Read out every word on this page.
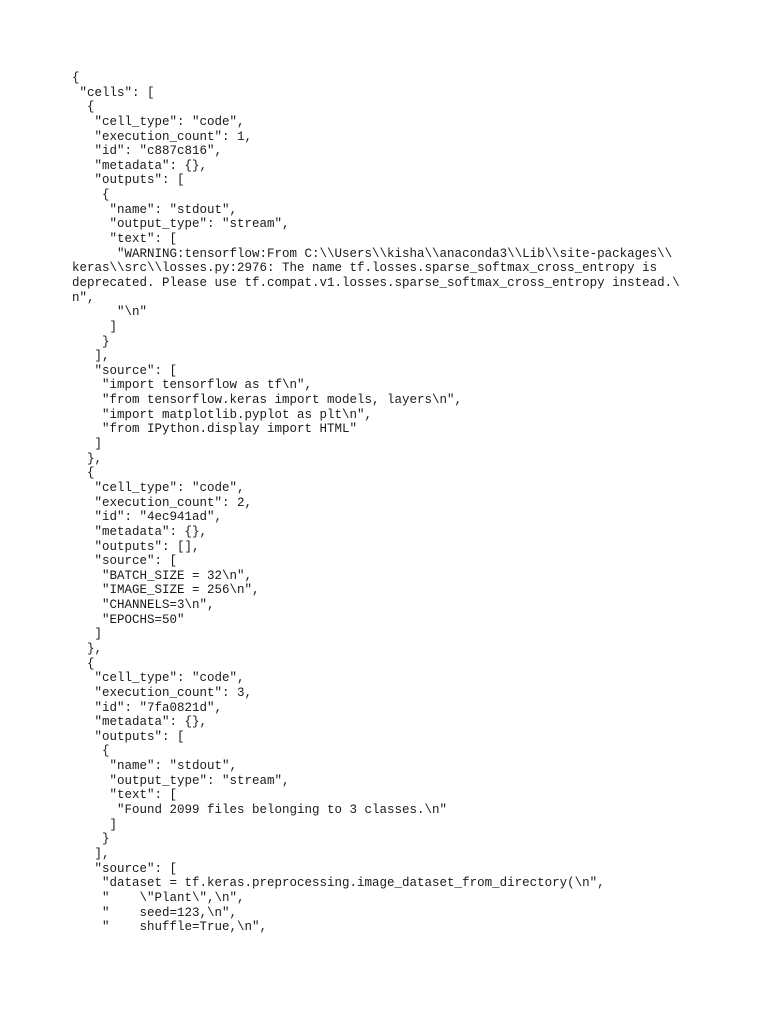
{
"cells": [
{
"cell_type": "code",
"execution_count": 1,
"id": "c887c816",
"metadata": {},
"outputs": [
{
"name": "stdout",
"output_type": "stream",
"text": [
"WARNING:tensorflow:From C:\\Users\\kisha\\anaconda3\\Lib\\site-packages\\
keras\\src\\losses.py:2976: The name tf.losses.sparse_softmax_cross_entropy is
deprecated. Please use tf.compat.v1.losses.sparse_softmax_cross_entropy instead.\
n",
"\n"
]
}
],
"source": [
"import tensorflow as tf\n",
"from tensorflow.keras import models, layers\n",
"import matplotlib.pyplot as plt\n",
"from IPython.display import HTML"
]
},
{
"cell_type": "code",
"execution_count": 2,
"id": "4ec941ad",
"metadata": {},
"outputs": [],
"source": [
"BATCH_SIZE = 32\n",
"IMAGE_SIZE = 256\n",
"CHANNELS=3\n",
"EPOCHS=50"
]
},
{
"cell_type": "code",
"execution_count": 3,
"id": "7fa0821d",
"metadata": {},
"outputs": [
{
"name": "stdout",
"output_type": "stream",
"text": [
"Found 2099 files belonging to 3 classes.\n"
]
}
],
"source": [
"dataset = tf.keras.preprocessing.image_dataset_from_directory(\n",
"    \"Plant\",\n",
"    seed=123,\n",
"    shuffle=True,\n",
